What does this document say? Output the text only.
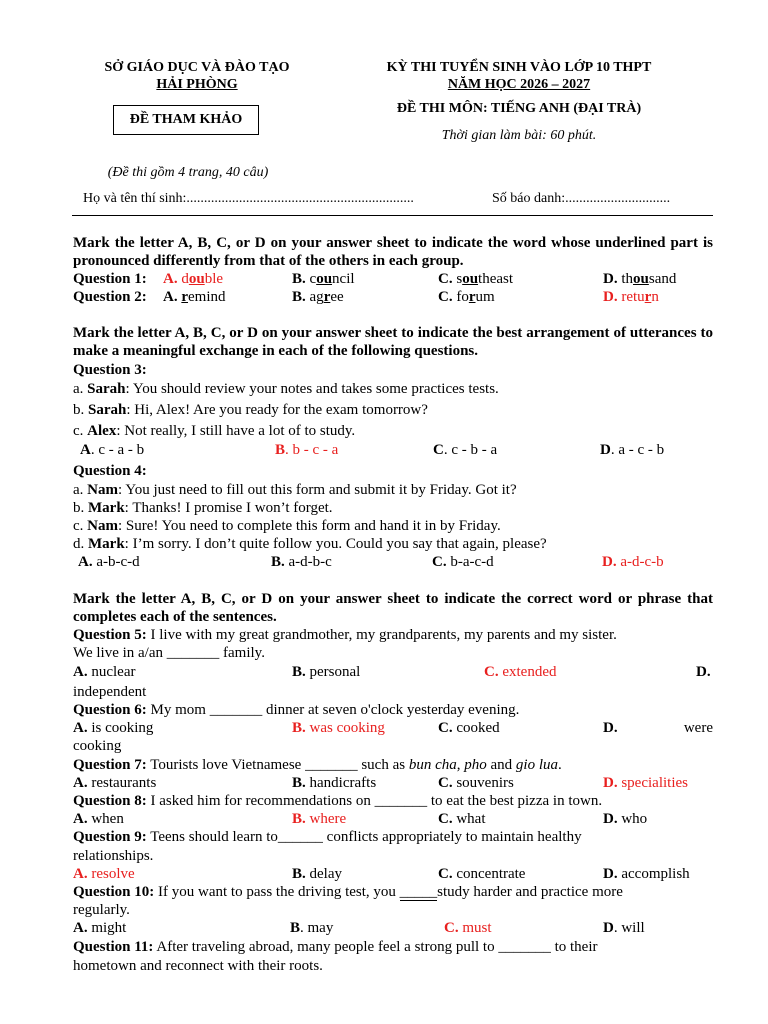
SỞ GIÁO DỤC VÀ ĐÀO TẠO
HẢI PHÒNG
ĐỀ THAM KHẢO
(Đề thi gồm 4 trang, 40 câu)
KỲ THI TUYỂN SINH VÀO LỚP 10 THPT
NĂM HỌC 2026 – 2027
ĐỀ THI MÔN: TIẾNG ANH (ĐẠI TRÀ)
Thời gian làm bài: 60 phút.
Họ và tên thí sinh:.................................................................	Số báo danh:..............................
Mark the letter A, B, C, or D on your answer sheet to indicate the word whose underlined part is pronounced differently from that of the others in each group.
Question 1: A. double	B. council	C. southeast	D. thousand
Question 2: A. remind	B. agree	C. forum	D. return
Mark the letter A, B, C, or D on your answer sheet to indicate the best arrangement of utterances to make a meaningful exchange in each of the following questions.
Question 3:
a. Sarah: You should review your notes and takes some practices tests.
b. Sarah: Hi, Alex! Are you ready for the exam tomorrow?
c. Alex: Not really, I still have a lot of to study.
A. c - a - b	B. b - c - a	C. c - b - a	D. a - c - b
Question 4:
a. Nam: You just need to fill out this form and submit it by Friday. Got it?
b. Mark: Thanks! I promise I won’t forget.
c. Nam: Sure! You need to complete this form and hand it in by Friday.
d. Mark: I’m sorry. I don’t quite follow you. Could you say that again, please?
A. a-b-c-d	B. a-d-b-c	C. b-a-c-d	D. a-d-c-b
Mark the letter A, B, C, or D on your answer sheet to indicate the correct word or phrase that completes each of the sentences.
Question 5: I live with my great grandmother, my grandparents, my parents and my sister.
We live in a/an _______ family.
A. nuclear	B. personal	C. extended	D.
independent
Question 6: My mom _______ dinner at seven o'clock yesterday evening.
A. is cooking	B. was cooking	C. cooked	D.	were
cooking
Question 7: Tourists love Vietnamese _______ such as bun cha, pho and gio lua.
A. restaurants	B. handicrafts	C. souvenirs	D. specialities
Question 8: I asked him for recommendations on _______ to eat the best pizza in town.
A. when	B. where	C. what	D. who
Question 9: Teens should learn to______ conflicts appropriately to maintain healthy
relationships.
A. resolve	B. delay	C. concentrate	D. accomplish
Question 10: If you want to pass the driving test, you _____study harder and practice more
regularly.
A. might	B. may	C. must	D. will
Question 11: After traveling abroad, many people feel a strong pull to _______ to their
hometown and reconnect with their roots.
